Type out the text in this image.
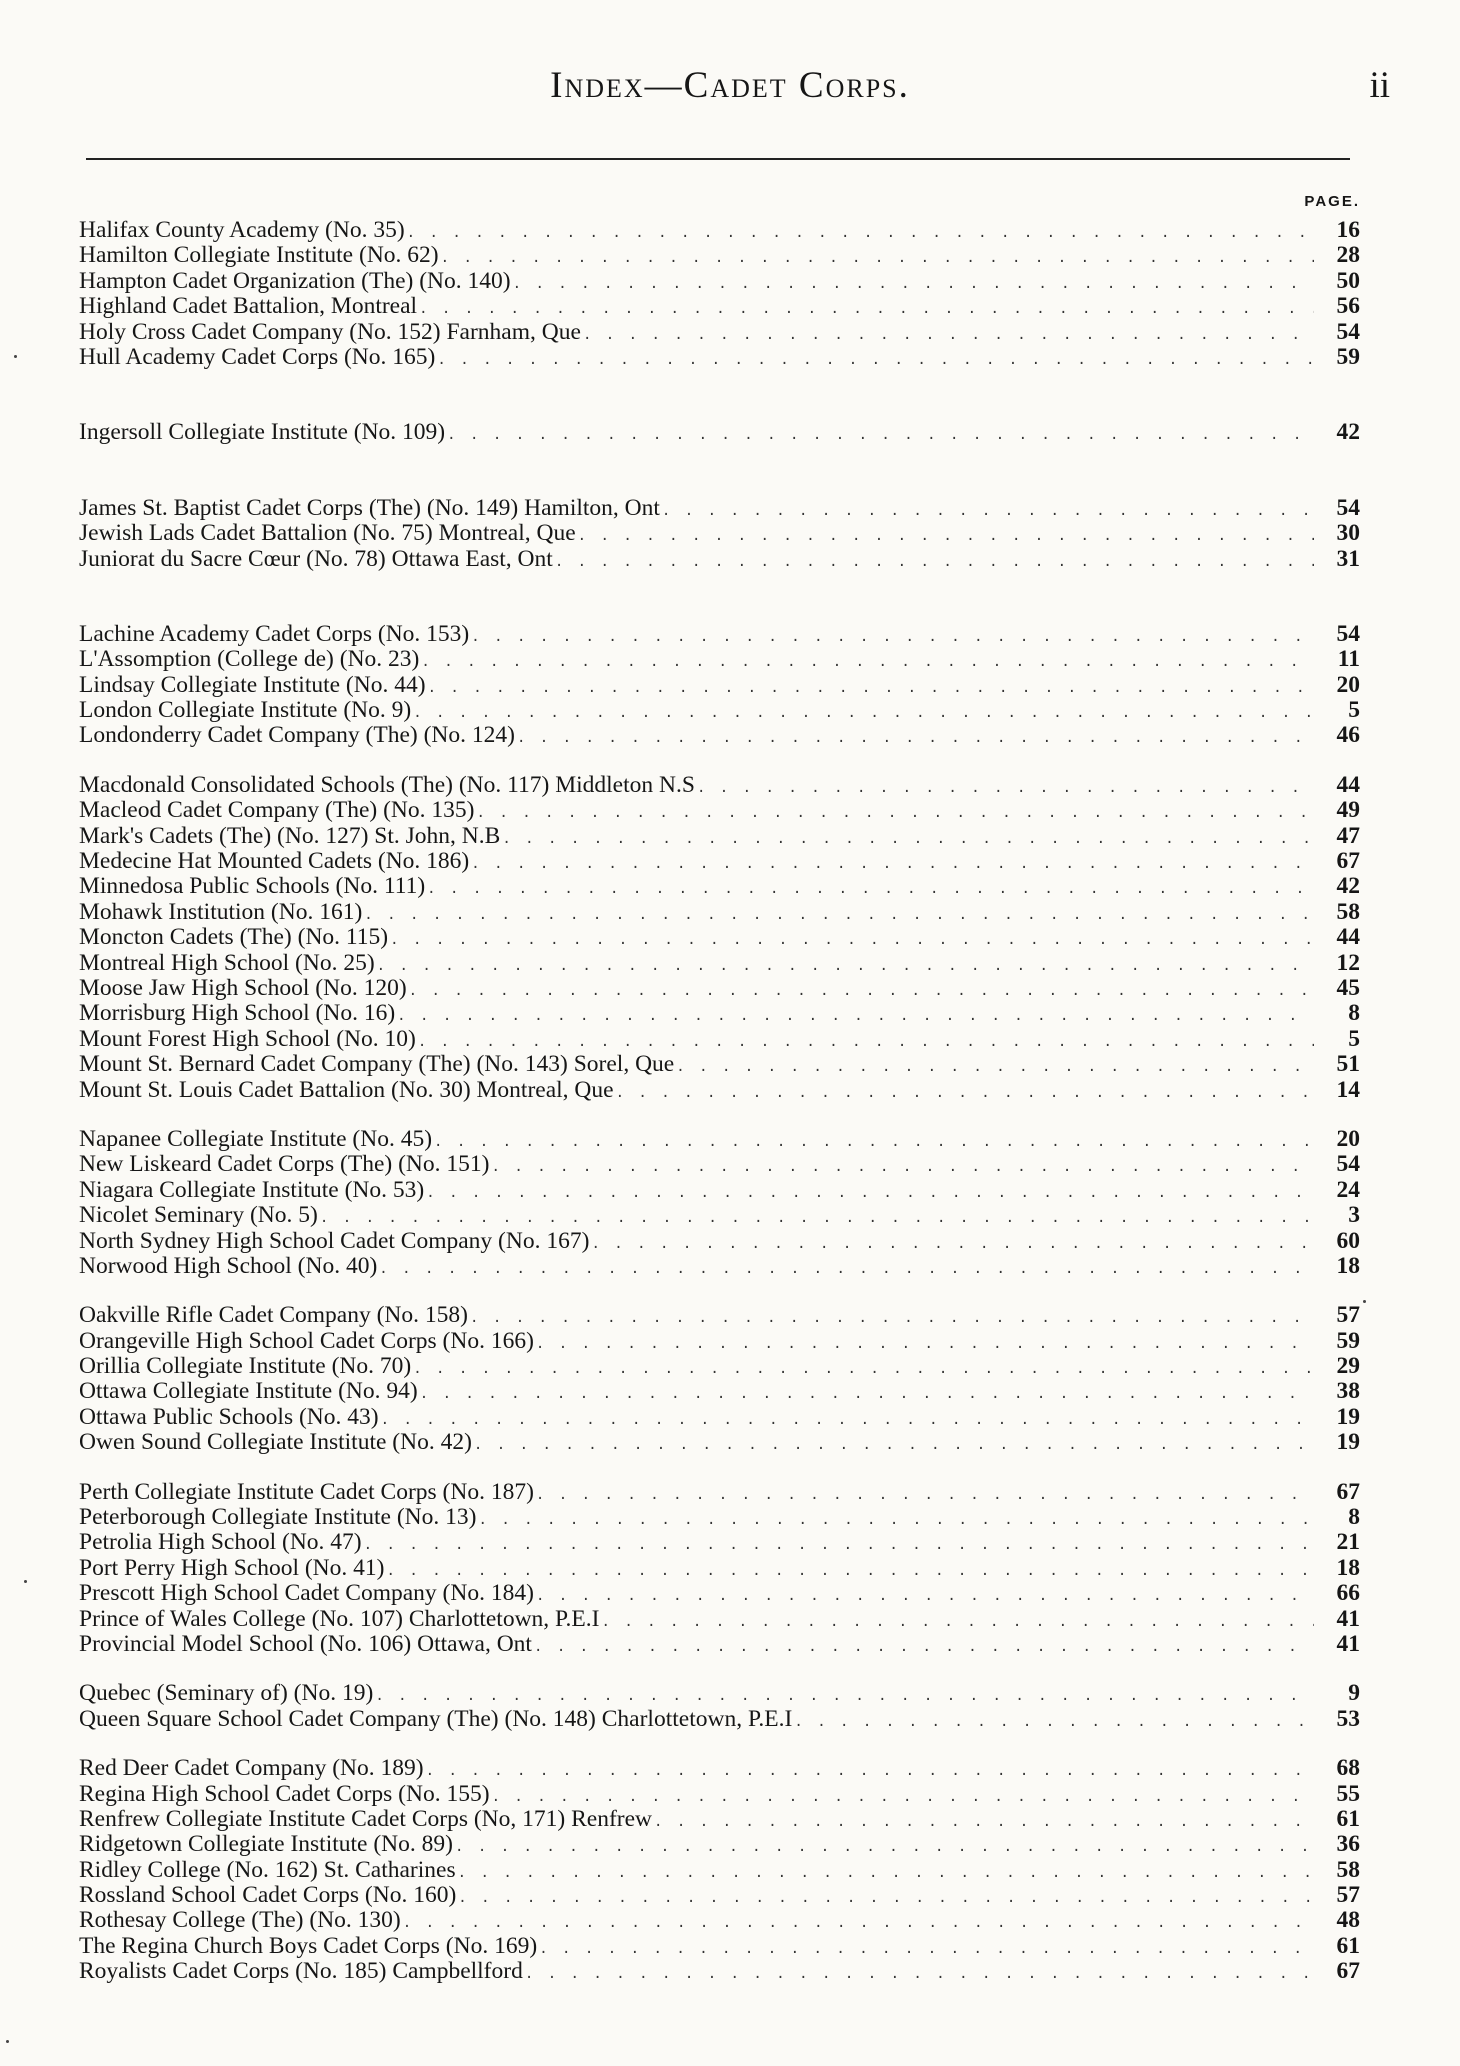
Index—Cadet Corps.	ii
PAGE.
Halifax County Academy (No. 35) . . .	16
Hamilton Collegiate Institute (No. 62) . . .	28
Hampton Cadet Organization (The) (No. 140) . . .	50
Highland Cadet Battalion, Montreal . . .	56
Holy Cross Cadet Company (No. 152) Farnham, Que . . .	54
Hull Academy Cadet Corps (No. 165) . . .	59
Ingersoll Collegiate Institute (No. 109) . . .	42
James St. Baptist Cadet Corps (The) (No. 149) Hamilton, Ont . . .	54
Jewish Lads Cadet Battalion (No. 75) Montreal, Que . . .	30
Juniorat du Sacre Cœur (No. 78) Ottawa East, Ont . . .	31
Lachine Academy Cadet Corps (No. 153) . . .	54
L'Assomption (College de) (No. 23) . . .	11
Lindsay Collegiate Institute (No. 44) . . .	20
London Collegiate Institute (No. 9) . . .	5
Londonderry Cadet Company (The) (No. 124) . . .	46
Macdonald Consolidated Schools (The) (No. 117) Middleton N.S . . .	44
Macleod Cadet Company (The) (No. 135) . . .	49
Mark's Cadets (The) (No. 127) St. John, N.B . . .	47
Medecine Hat Mounted Cadets (No. 186) . . .	67
Minnedosa Public Schools (No. 111) . . .	42
Mohawk Institution (No. 161) . . .	58
Moncton Cadets (The) (No. 115) . . .	44
Montreal High School (No. 25) . . .	12
Moose Jaw High School (No. 120) . . .	45
Morrisburg High School (No. 16) . . .	8
Mount Forest High School (No. 10) . . .	5
Mount St. Bernard Cadet Company (The) (No. 143) Sorel, Que . . .	51
Mount St. Louis Cadet Battalion (No. 30) Montreal, Que . . .	14
Napanee Collegiate Institute (No. 45) . . .	20
New Liskeard Cadet Corps (The) (No. 151) . . .	54
Niagara Collegiate Institute (No. 53) . . .	24
Nicolet Seminary (No. 5) . . .	3
North Sydney High School Cadet Company (No. 167) . . .	60
Norwood High School (No. 40) . . .	18
Oakville Rifle Cadet Company (No. 158) . . .	57
Orangeville High School Cadet Corps (No. 166) . . .	59
Orillia Collegiate Institute (No. 70) . . .	29
Ottawa Collegiate Institute (No. 94) . . .	38
Ottawa Public Schools (No. 43) . . .	19
Owen Sound Collegiate Institute (No. 42) . . .	19
Perth Collegiate Institute Cadet Corps (No. 187) . . .	67
Peterborough Collegiate Institute (No. 13) . . .	8
Petrolia High School (No. 47) . . .	21
Port Perry High School (No. 41) . . .	18
Prescott High School Cadet Company (No. 184) . . .	66
Prince of Wales College (No. 107) Charlottetown, P.E.I . . .	41
Provincial Model School (No. 106) Ottawa, Ont . . .	41
Quebec (Seminary of) (No. 19) . . .	9
Queen Square School Cadet Company (The) (No. 148) Charlottetown, P.E.I . . .	53
Red Deer Cadet Company (No. 189) . . .	68
Regina High School Cadet Corps (No. 155) . . .	55
Renfrew Collegiate Institute Cadet Corps (No, 171) Renfrew . . .	61
Ridgetown Collegiate Institute (No. 89) . . .	36
Ridley College (No. 162) St. Catharines . . .	58
Rossland School Cadet Corps (No. 160) . . .	57
Rothesay College (The) (No. 130) . . .	48
The Regina Church Boys Cadet Corps (No. 169) . . .	61
Royalists Cadet Corps (No. 185) Campbellford . . .	67
